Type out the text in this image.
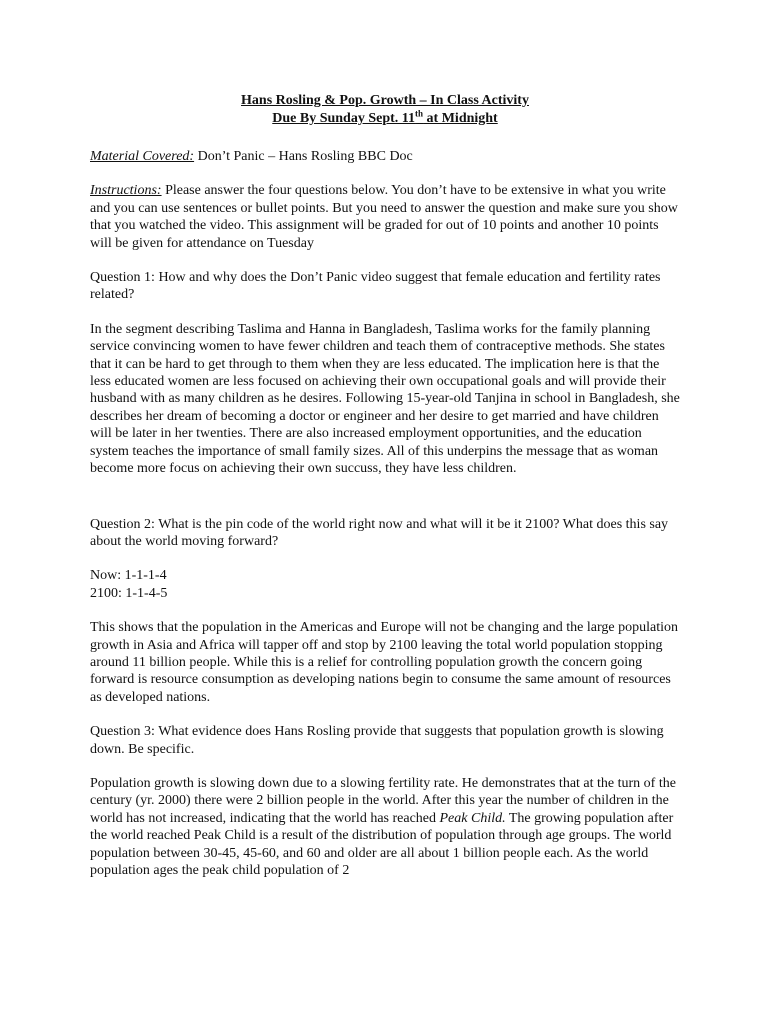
Hans Rosling & Pop. Growth – In Class Activity

Due By Sunday Sept. 11th at Midnight

Material Covered: Don’t Panic – Hans Rosling BBC Doc

Instructions: Please answer the four questions below. You don’t have to be extensive in what you write and you can use sentences or bullet points. But you need to answer the question and make sure you show that you watched the video. This assignment will be graded for out of 10 points and another 10 points will be given for attendance on Tuesday

Question 1: How and why does the Don’t Panic video suggest that female education and fertility rates related?

In the segment describing Taslima and Hanna in Bangladesh, Taslima works for the family planning service convincing women to have fewer children and teach them of contraceptive methods. She states that it can be hard to get through to them when they are less educated. The implication here is that the less educated women are less focused on achieving their own occupational goals and will provide their husband with as many children as he desires. Following 15-year-old Tanjina in school in Bangladesh, she describes her dream of becoming a doctor or engineer and her desire to get married and have children will be later in her twenties. There are also increased employment opportunities, and the education system teaches the importance of small family sizes. All of this underpins the message that as woman become more focus on achieving their own succuss, they have less children.

Question 2: What is the pin code of the world right now and what will it be it 2100? What does this say about the world moving forward?

Now: 1-1-1-4

2100: 1-1-4-5

This shows that the population in the Americas and Europe will not be changing and the large population growth in Asia and Africa will tapper off and stop by 2100 leaving the total world population stopping around 11 billion people. While this is a relief for controlling population growth the concern going forward is resource consumption as developing nations begin to consume the same amount of resources as developed nations.

Question 3: What evidence does Hans Rosling provide that suggests that population growth is slowing down. Be specific.

Population growth is slowing down due to a slowing fertility rate. He demonstrates that at the turn of the century (yr. 2000) there were 2 billion people in the world. After this year the number of children in the world has not increased, indicating that the world has reached Peak Child. The growing population after the world reached Peak Child is a result of the distribution of population through age groups. The world population between 30-45, 45-60, and 60 and older are all about 1 billion people each. As the world population ages the peak child population of 2
